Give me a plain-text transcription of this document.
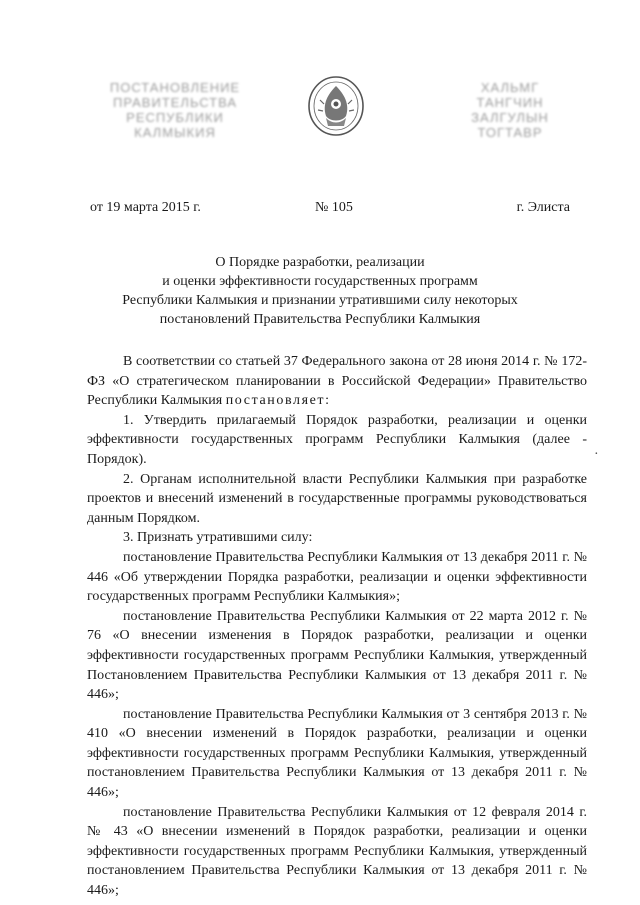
ПОСТАНОВЛЕНИЕ
ПРАВИТЕЛЬСТВА
РЕСПУБЛИКИ
КАЛМЫКИЯ
ХАЛЬМГ
ТАНГЧИН
ЗАЛГУЛЫН
ТОГТАВР
от 19 марта 2015 г.	№ 105	г. Элиста
О Порядке разработки, реализации
и оценки эффективности государственных программ
Республики Калмыкия и признании утратившими силу некоторых
постановлений Правительства Республики Калмыкия

В соответствии со статьей 37 Федерального закона от 28 июня 2014 г. № 172-ФЗ «О стратегическом планировании в Российской Федерации» Правительство Республики Калмыкия постановляет:

1. Утвердить прилагаемый Порядок разработки, реализации и оценки эффективности государственных программ Республики Калмыкия (далее - Порядок).

2. Органам исполнительной власти Республики Калмыкия при разработке проектов и внесений изменений в государственные программы руководствоваться данным Порядком.

3. Признать утратившими силу:

постановление Правительства Республики Калмыкия от 13 декабря 2011 г. № 446 «Об утверждении Порядка разработки, реализации и оценки эффективности государственных программ Республики Калмыкия»;

постановление Правительства Республики Калмыкия от 22 марта 2012 г. № 76 «О внесении изменения в Порядок разработки, реализации и оценки эффективности государственных программ Республики Калмыкия, утвержденный Постановлением Правительства Республики Калмыкия от 13 декабря 2011 г. № 446»;

постановление Правительства Республики Калмыкия от 3 сентября 2013 г. № 410 «О внесении изменений в Порядок разработки, реализации и оценки эффективности государственных программ Республики Калмыкия, утвержденный постановлением Правительства Республики Калмыкия от 13 декабря 2011 г. № 446»;

постановление Правительства Республики Калмыкия от 12 февраля 2014 г. № 43 «О внесении изменений в Порядок разработки, реализации и оценки эффективности государственных программ Республики Калмыкия, утвержденный постановлением Правительства Республики Калмыкия от 13 декабря 2011 г. № 446»;

·
